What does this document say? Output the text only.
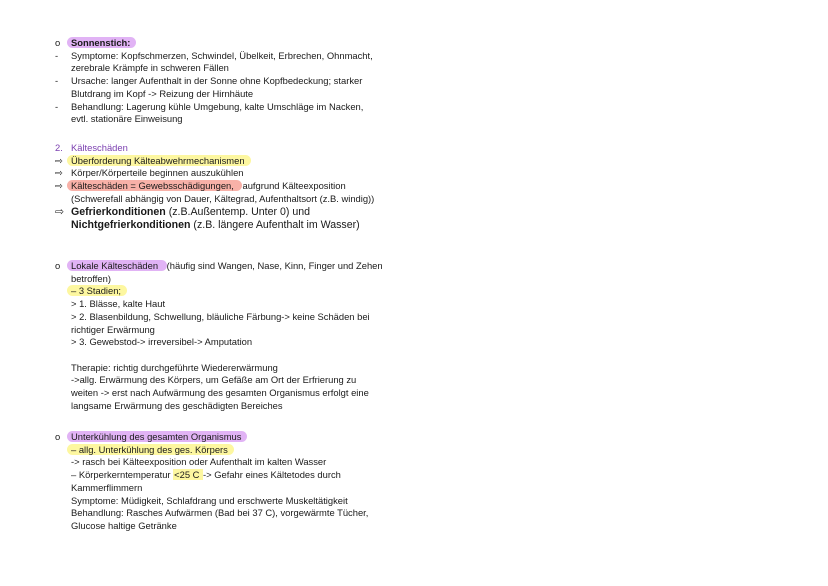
o	Sonnenstich:
-	Symptome: Kopfschmerzen, Schwindel, Übelkeit, Erbrechen, Ohnmacht,
zerebrale Krämpfe in schweren Fällen
-	Ursache: langer Aufenthalt in der Sonne ohne Kopfbedeckung; starker
Blutdrang im Kopf -> Reizung der Hirnhäute
-	Behandlung: Lagerung kühle Umgebung, kalte Umschläge im Nacken,
evtl. stationäre Einweisung
2. Kälteschäden
⇨ Überforderung Kälteabwehrmechanismen
⇨ Körper/Körperteile beginnen auszukühlen
⇨ Kälteschäden = Gewebsschädigungen, aufgrund Kälteexposition
(Schwerefall abhängig von Dauer, Kältegrad, Aufenthaltsort (z.B. windig))
⇨ Gefrierkonditionen (z.B.Außentemp. Unter 0) und
Nichtgefrierkonditionen (z.B. längere Aufenthalt im Wasser)
o	Lokale Kälteschäden (häufig sind Wangen, Nase, Kinn, Finger und Zehen
betroffen)
– 3 Stadien;
> 1. Blässe, kalte Haut
> 2. Blasenbildung, Schwellung, bläuliche Färbung-> keine Schäden bei
richtiger Erwärmung
> 3. Gewebstod-> irreversibel-> Amputation
Therapie: richtig durchgeführte Wiedererwärmung
->allg. Erwärmung des Körpers, um Gefäße am Ort der Erfrierung zu
weiten -> erst nach Aufwärmung des gesamten Organismus erfolgt eine
langsame Erwärmung des geschädigten Bereiches
o	Unterkühlung des gesamten Organismus
– allg. Unterkühlung des ges. Körpers
-> rasch bei Kälteexposition oder Aufenthalt im kalten Wasser
– Körperkerntemperatur <25 C -> Gefahr eines Kältetodes durch
Kammerflimmern
Symptome: Müdigkeit, Schlafdrang und erschwerte Muskeltätigkeit
Behandlung: Rasches Aufwärmen (Bad bei 37 C), vorgewärmte Tücher,
Glucose haltige Getränke
